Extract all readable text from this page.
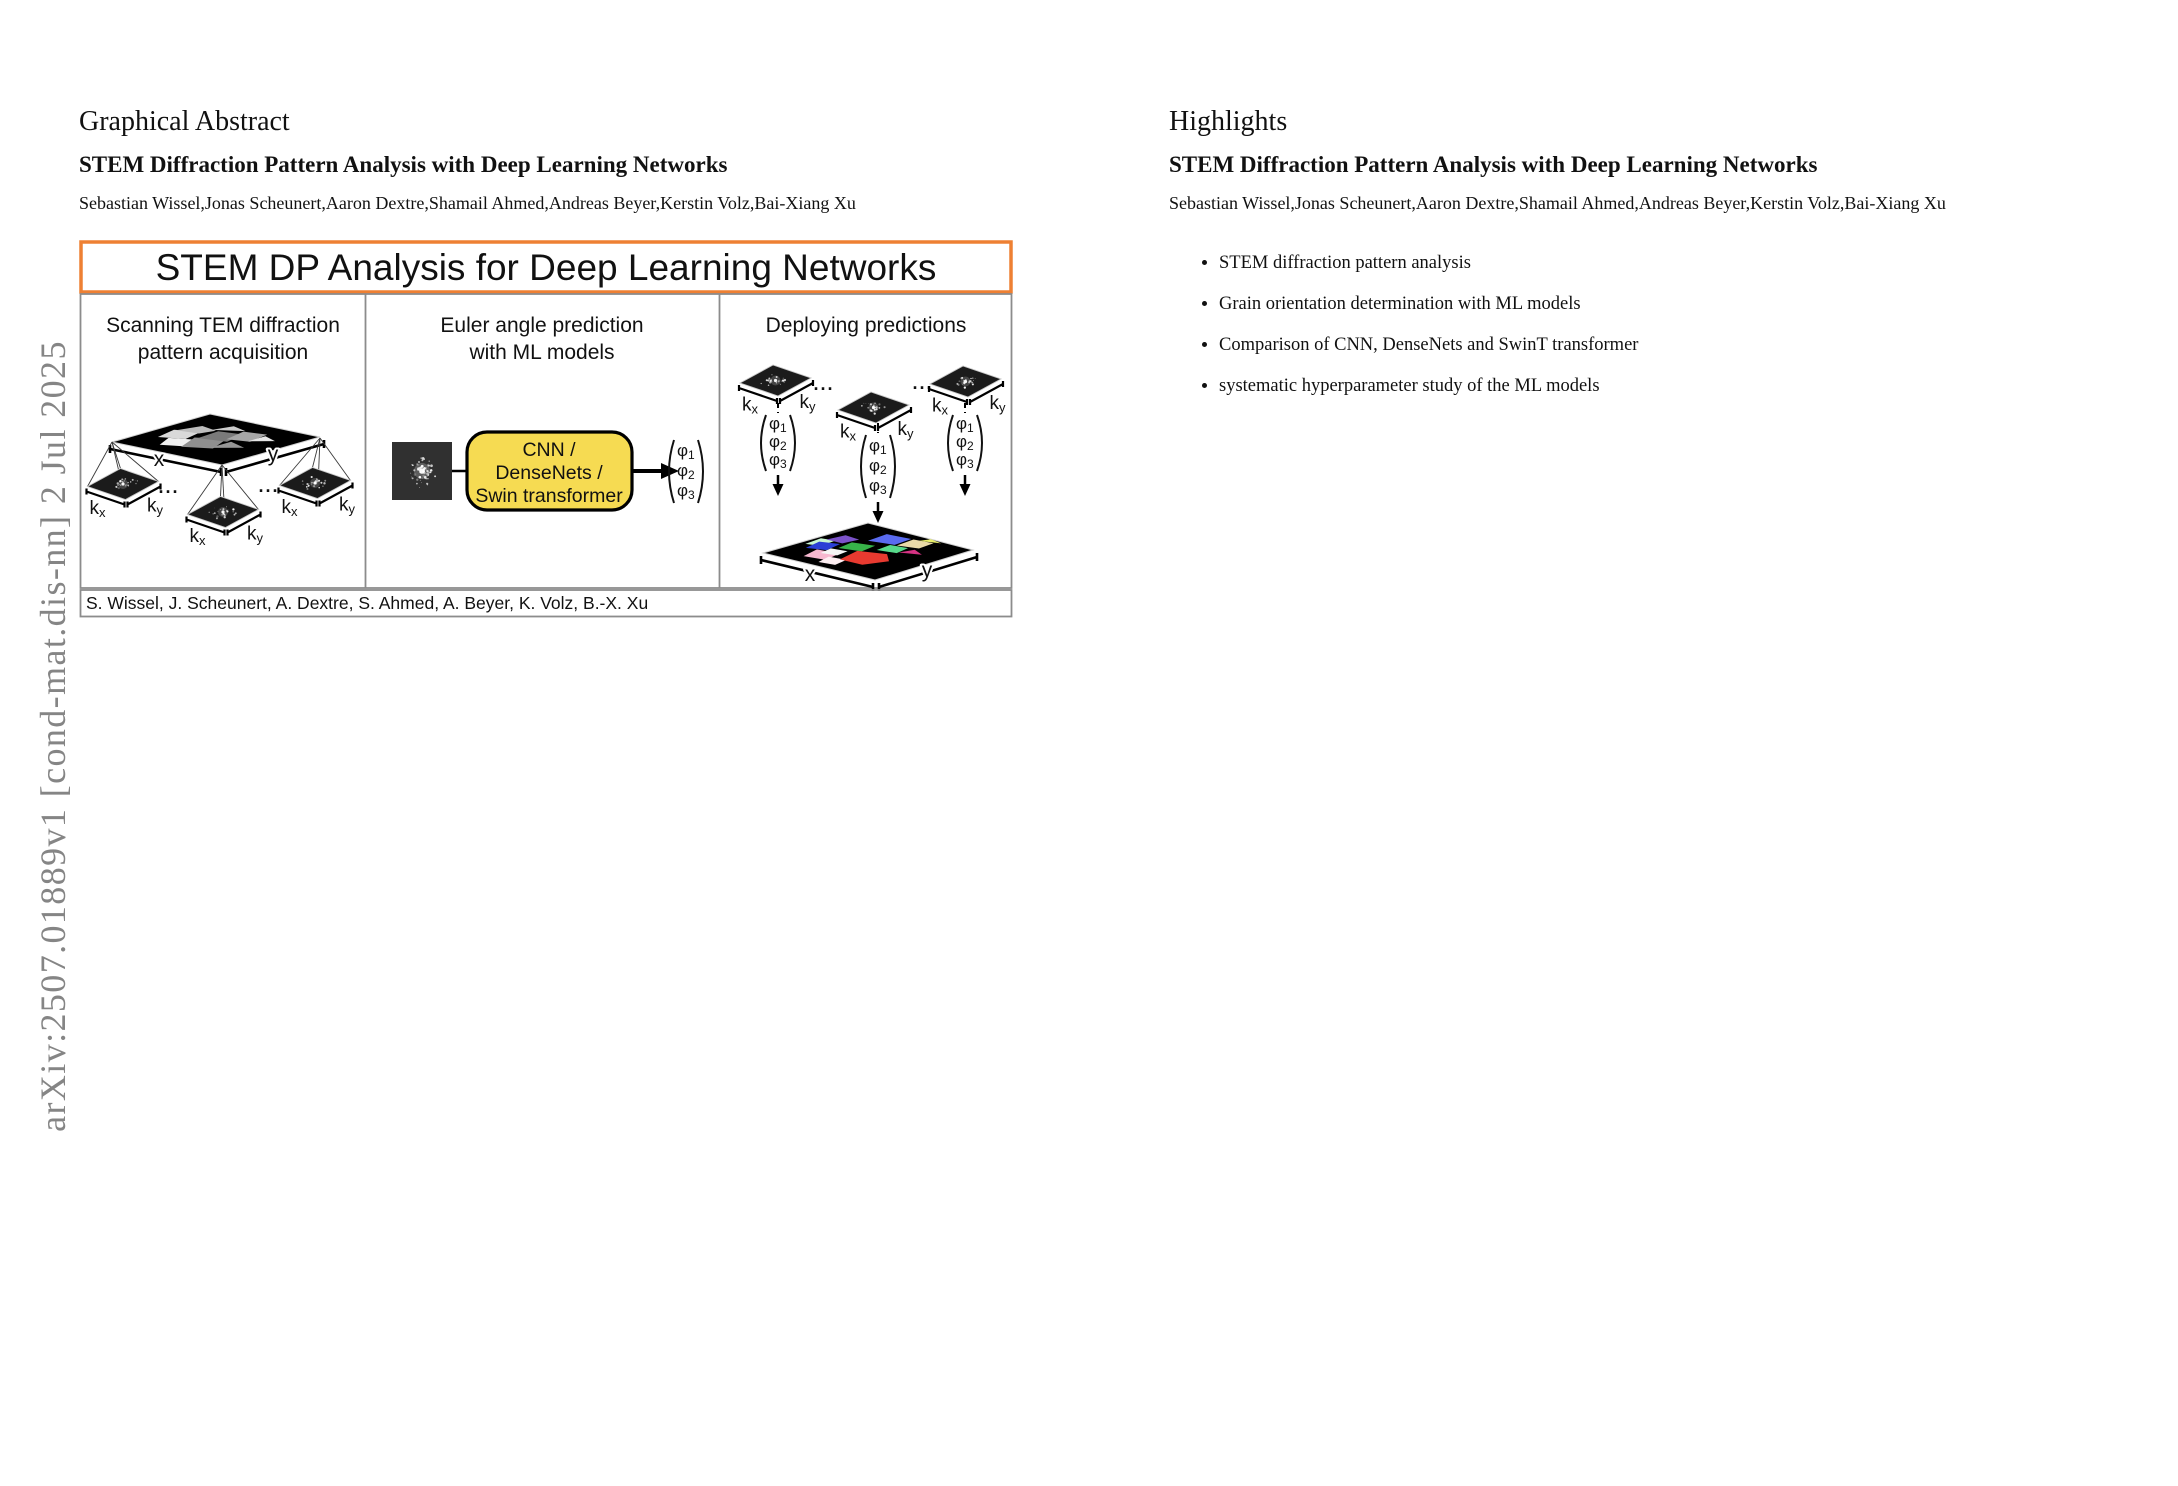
arXiv:2507.01889v1 [cond-mat.dis-nn] 2 Jul 2025
Graphical Abstract
STEM Diffraction Pattern Analysis with Deep Learning Networks
Sebastian Wissel,Jonas Scheunert,Aaron Dextre,Shamail Ahmed,Andreas Beyer,Kerstin Volz,Bai-Xiang Xu
STEM DP Analysis for Deep Learning Networks
Scanning TEM diffraction
pattern acquisition
Euler angle prediction
with ML models
Deploying predictions
x	y	CNN /
DenseNets /
Swin transformer
x	y
···	···
···	···
kx ky
kx ky
kx ky
kx ky
kx ky
kx ky
φ1
φ2
φ3
φ1
φ2
φ3
φ1
φ2
φ3
φ1
φ2
φ3
S. Wissel, J. Scheunert, A. Dextre, S. Ahmed, A. Beyer, K. Volz, B.-X. Xu
Highlights
STEM Diffraction Pattern Analysis with Deep Learning Networks
Sebastian Wissel,Jonas Scheunert,Aaron Dextre,Shamail Ahmed,Andreas Beyer,Kerstin Volz,Bai-Xiang Xu
• STEM diffraction pattern analysis
• Grain orientation determination with ML models
• Comparison of CNN, DenseNets and SwinT transformer
• systematic hyperparameter study of the ML models
